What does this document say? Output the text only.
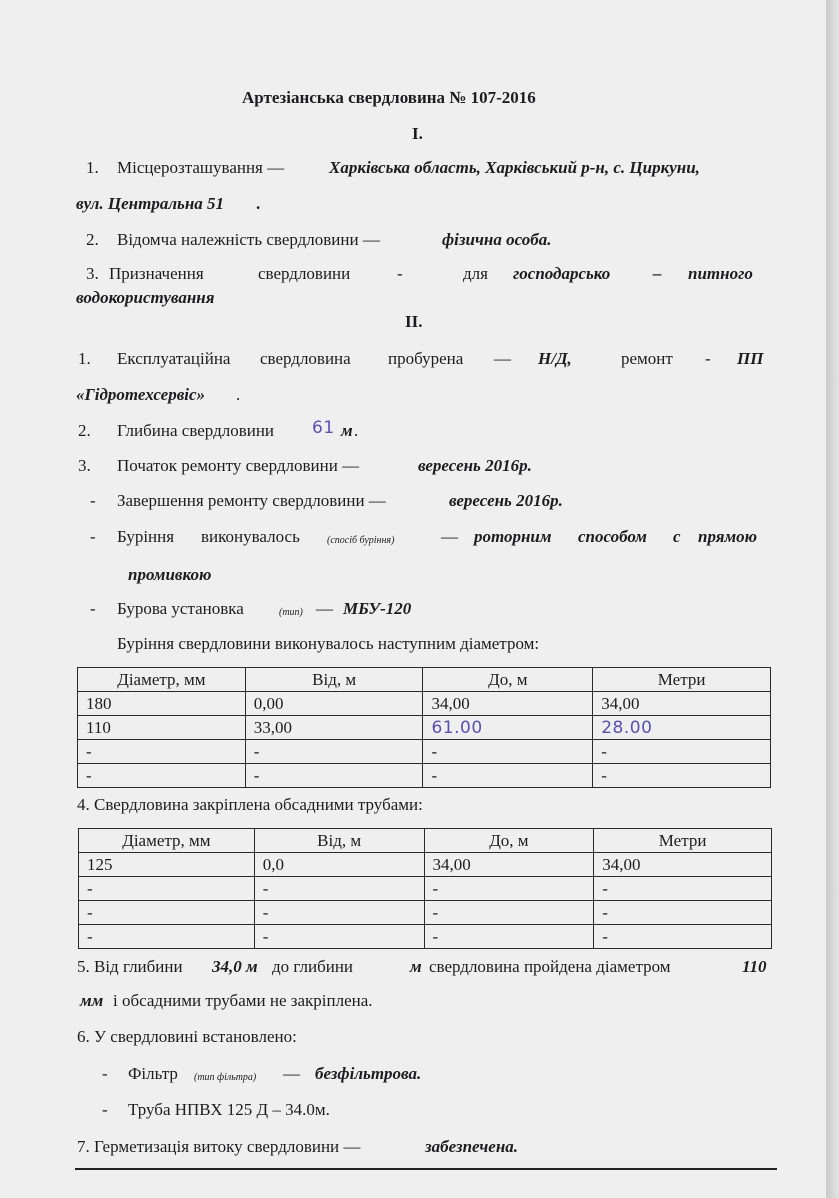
Артезіанська свердловина № 107-2016
I.
1. Місцерозташування —	Харківська область, Харківський р-н, с. Циркуни,
вул. Центральна 51 .
2. Відомча належність свердловини —	фізична особа.
3. Призначення	свердловини	-	для господарсько	– питного
водокористування
II.
1. Експлуатаційна свердловина пробурена — Н/Д,	ремонт - ПП
«Гідротехсервіс» .
2. Глибина свердловини 61 м .
3. Початок ремонту свердловини —	вересень 2016р.
- Завершення ремонту свердловини —	вересень 2016р.
- Буріння виконувалось	(спосіб буріння)	— роторним способом с прямою
промивкою
- Бурова установка	(тип) — МБУ-120
Буріння свердловини виконувалось наступним діаметром:
Діаметр, мм	Від, м	До, м	Метри
180	0,00	34,00	34,00
110	33,00	61.00	28.00
-	-	-	-
-	-	-	-
4. Свердловина закріплена обсадними трубами:
Діаметр, мм	Від, м	До, м	Метри
125	0,0	34,00	34,00
-	-	-	-
-	-	-	-
-	-	-	-
5. Від глибини 34,0 м до глибини	м свердловина пройдена діаметром	110
мм і обсадними трубами не закріплена.
6. У свердловині встановлено:
- Фільтр (тип фільтра) — безфільтрова.
- Труба НПВХ 125 Д – 34.0м.
7. Герметизація витоку свердловини —	забезпечена.
